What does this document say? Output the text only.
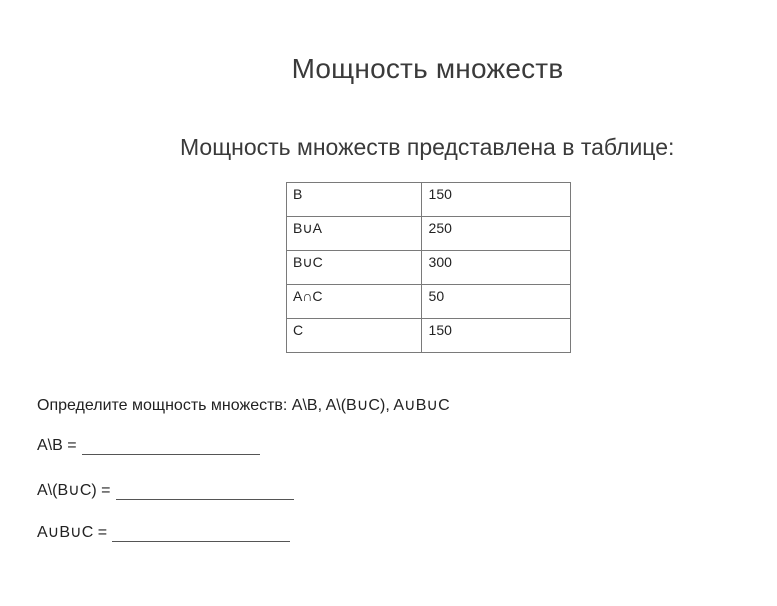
Мощность множеств
Мощность множеств представлена в таблице:
B	150
B∪A	250
B∪C	300
A∩C	50
C	150
Определите мощность множеств: A\B, A\(B∪C), A∪B∪C
A\B =
A\(B∪C) =
A∪B∪C =
